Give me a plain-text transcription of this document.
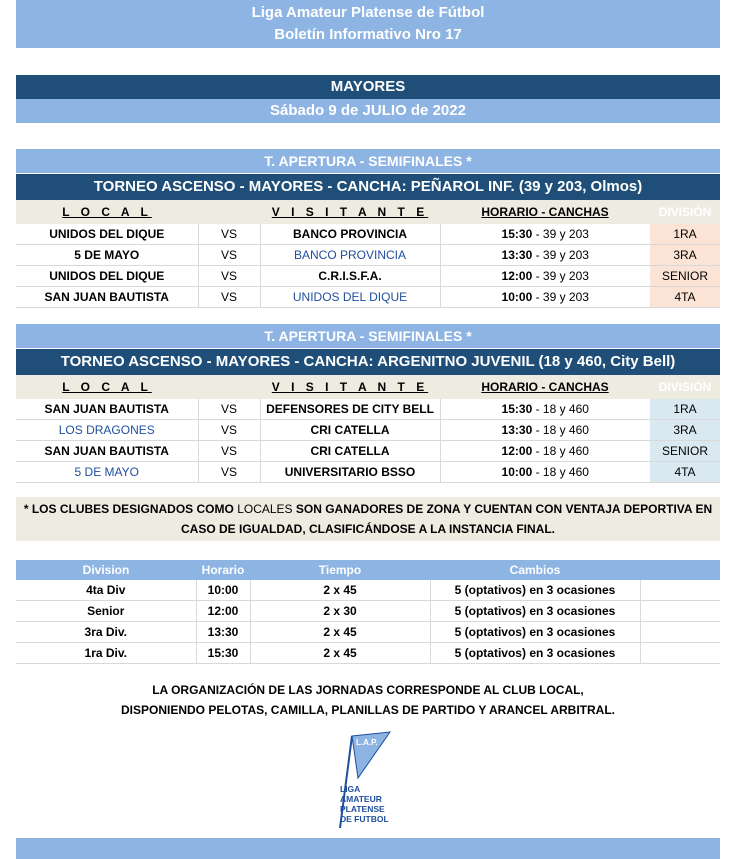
Liga Amateur Platense de Fútbol
Boletín Informativo Nro 17
MAYORES
Sábado 9 de JULIO de 2022
T. APERTURA - SEMIFINALES *
TORNEO ASCENSO - MAYORES - CANCHA: PEÑAROL INF. (39 y 203, Olmos)
L O C A L		V I S I T A N T E	HORARIO - CANCHAS	DIVISIÓN
UNIDOS DEL DIQUE	VS	BANCO PROVINCIA	15:30 - 39 y 203	1RA
5 DE MAYO	VS	BANCO PROVINCIA	13:30 - 39 y 203	3RA
UNIDOS DEL DIQUE	VS	C.R.I.S.F.A.	12:00 - 39 y 203	SENIOR
SAN JUAN BAUTISTA	VS	UNIDOS DEL DIQUE	10:00 - 39 y 203	4TA
T. APERTURA - SEMIFINALES *
TORNEO ASCENSO - MAYORES - CANCHA: ARGENITNO JUVENIL (18 y 460, City Bell)
L O C A L		V I S I T A N T E	HORARIO - CANCHAS	DIVISIÓN
SAN JUAN BAUTISTA	VS	DEFENSORES DE CITY BELL	15:30 - 18 y 460	1RA
LOS DRAGONES	VS	CRI CATELLA	13:30 - 18 y 460	3RA
SAN JUAN BAUTISTA	VS	CRI CATELLA	12:00 - 18 y 460	SENIOR
5 DE MAYO	VS	UNIVERSITARIO BSSO	10:00 - 18 y 460	4TA
* LOS CLUBES DESIGNADOS COMO LOCALES SON GANADORES DE ZONA Y CUENTAN CON VENTAJA DEPORTIVA EN
CASO DE IGUALDAD, CLASIFICÁNDOSE A LA INSTANCIA FINAL.
Division	Horario	Tiempo	Cambios	
4ta Div	10:00	2 x 45	5 (optativos) en 3 ocasiones	
Senior	12:00	2 x 30	5 (optativos) en 3 ocasiones	
3ra Div.	13:30	2 x 45	5 (optativos) en 3 ocasiones	
1ra Div.	15:30	2 x 45	5 (optativos) en 3 ocasiones	
LA ORGANIZACIÓN DE LAS JORNADAS CORRESPONDE AL CLUB LOCAL,
DISPONIENDO PELOTAS, CAMILLA, PLANILLAS DE PARTIDO Y ARANCEL ARBITRAL.
L.A.P.
LIGA
AMATEUR
PLATENSE
DE FUTBOL
